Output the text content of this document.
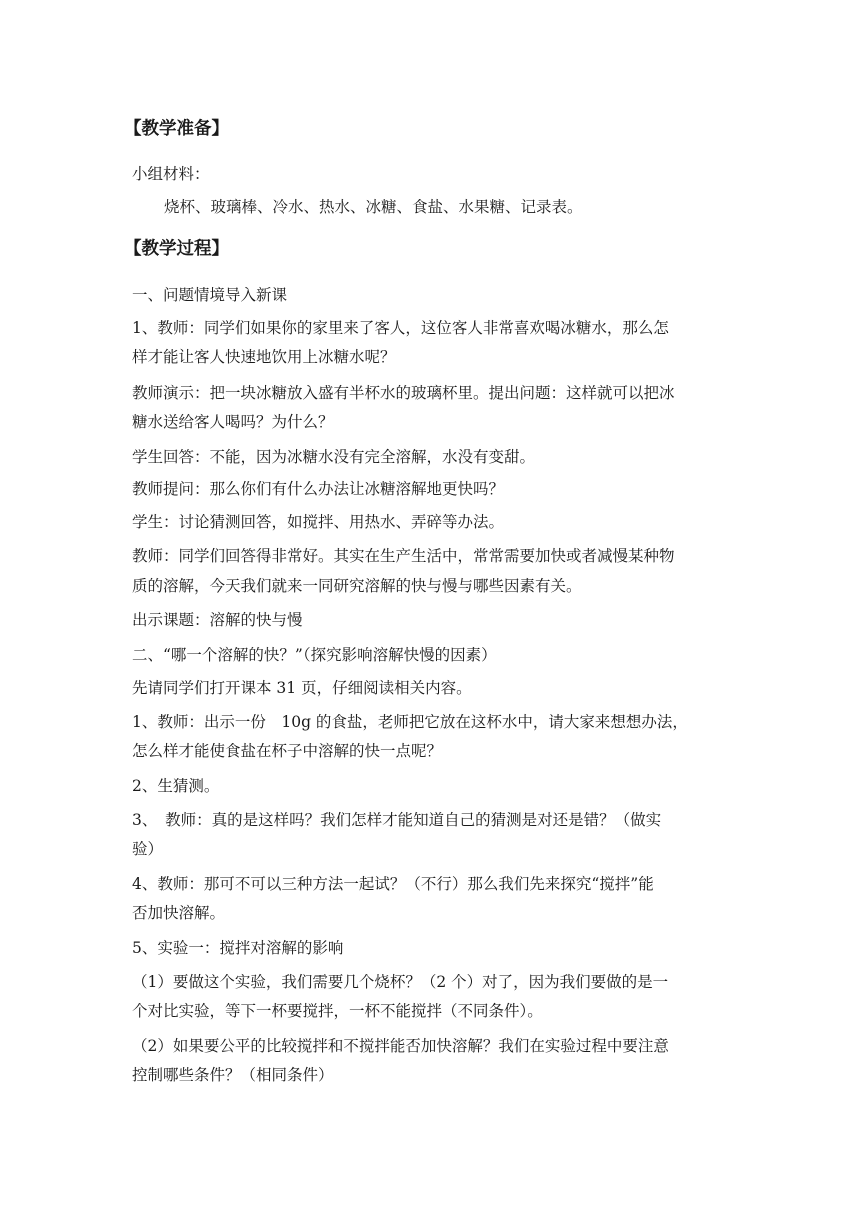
【教学准备】
小组材料：
烧杯、玻璃棒、冷水、热水、冰糖、食盐、水果糖、记录表。
【教学过程】
一、问题情境导入新课
1、教师：同学们如果你的家里来了客人，这位客人非常喜欢喝冰糖水，那么怎
样才能让客人快速地饮用上冰糖水呢？
教师演示：把一块冰糖放入盛有半杯水的玻璃杯里。提出问题：这样就可以把冰
糖水送给客人喝吗？为什么？
学生回答：不能，因为冰糖水没有完全溶解，水没有变甜。
教师提问：那么你们有什么办法让冰糖溶解地更快吗？
学生：讨论猜测回答，如搅拌、用热水、弄碎等办法。
教师：同学们回答得非常好。其实在生产生活中，常常需要加快或者减慢某种物
质的溶解，今天我们就来一同研究溶解的快与慢与哪些因素有关。
出示课题：溶解的快与慢
二、“哪一个溶解的快？”（探究影响溶解快慢的因素）
先请同学们打开课本 31 页，仔细阅读相关内容。
1、教师：出示一份　10g 的食盐，老师把它放在这杯水中，请大家来想想办法，
怎么样才能使食盐在杯子中溶解的快一点呢？
2、生猜测。
3、　教师：真的是这样吗？我们怎样才能知道自己的猜测是对还是错？（做实
验）
4、教师：那可不可以三种方法一起试？（不行）那么我们先来探究“搅拌”能
否加快溶解。
5、实验一：搅拌对溶解的影响
（1）要做这个实验，我们需要几个烧杯？（2 个）对了，因为我们要做的是一
个对比实验，等下一杯要搅拌，一杯不能搅拌（不同条件）。
（2）如果要公平的比较搅拌和不搅拌能否加快溶解？我们在实验过程中要注意
控制哪些条件？（相同条件）
